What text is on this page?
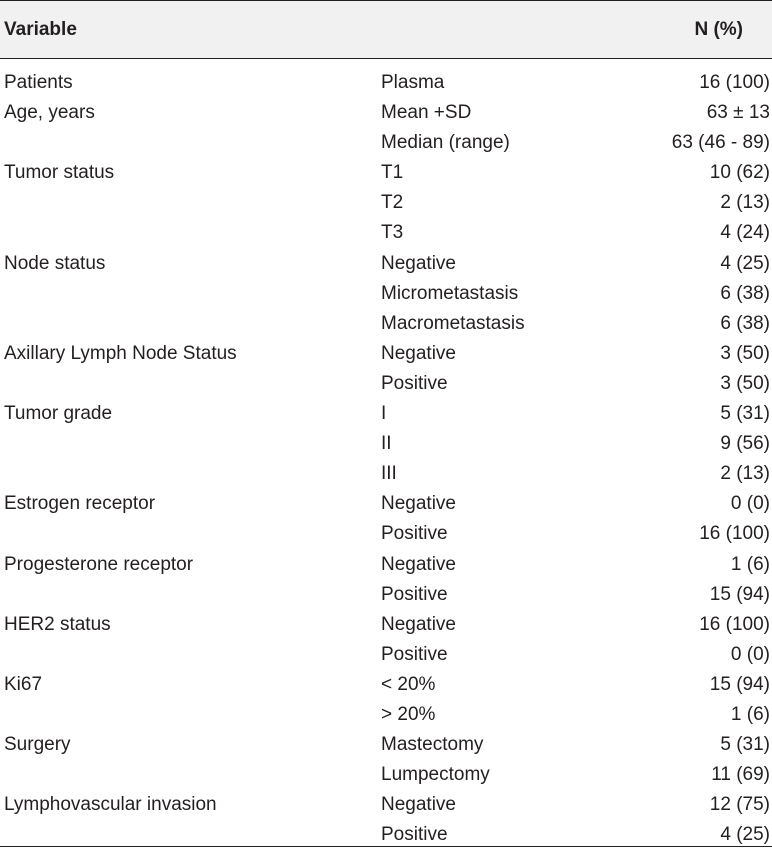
Variable	N (%)
Patients	Plasma	16 (100)
Age, years	Mean +SD	63 ± 13
Median (range)	63 (46 - 89)
Tumor status	T1	10 (62)
T2	2 (13)
T3	4 (24)
Node status	Negative	4 (25)
Micrometastasis	6 (38)
Macrometastasis	6 (38)
Axillary Lymph Node Status	Negative	3 (50)
Positive	3 (50)
Tumor grade	I	5 (31)
II	9 (56)
III	2 (13)
Estrogen receptor	Negative	0 (0)
Positive	16 (100)
Progesterone receptor	Negative	1 (6)
Positive	15 (94)
HER2 status	Negative	16 (100)
Positive	0 (0)
Ki67	< 20%	15 (94)
> 20%	1 (6)
Surgery	Mastectomy	5 (31)
Lumpectomy	11 (69)
Lymphovascular invasion	Negative	12 (75)
Positive	4 (25)
